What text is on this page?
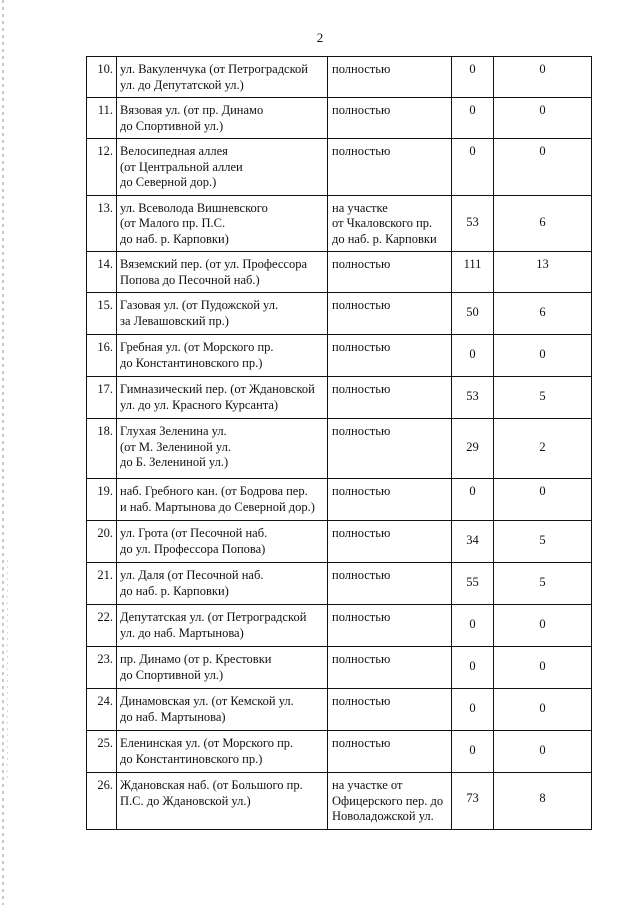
2
10.	ул. Вакуленчука (от Петроградской
ул. до Депутатской ул.)	полностью	0	0
11.	Вязовая ул. (от пр. Динамо
до Спортивной ул.)	полностью	0	0
12.	Велосипедная аллея
(от Центральной аллеи
до Северной дор.)	полностью	0	0
13.	ул. Всеволода Вишневского
(от Малого пр. П.С.
до наб. р. Карповки)	на участке
от Чкаловского пр.
до наб. р. Карповки	53	6
14.	Вяземский пер. (от ул. Профессора
Попова до Песочной наб.)	полностью	111	13
15.	Газовая ул. (от Пудожской ул.
за Левашовский пр.)	полностью	50	6
16.	Гребная ул. (от Морского пр.
до Константиновского пр.)	полностью	0	0
17.	Гимназический пер. (от Ждановской
ул. до ул. Красного Курсанта)	полностью	53	5
18.	Глухая Зеленина ул.
(от М. Зелениной ул.
до Б. Зелениной ул.)	полностью	29	2
19.	наб. Гребного кан. (от Бодрова пер.
и наб. Мартынова до Северной дор.)	полностью	0	0
20.	ул. Грота (от Песочной наб.
до ул. Профессора Попова)	полностью	34	5
21.	ул. Даля (от Песочной наб.
до наб. р. Карповки)	полностью	55	5
22.	Депутатская ул. (от Петроградской
ул. до наб. Мартынова)	полностью	0	0
23.	пр. Динамо (от р. Крестовки
до Спортивной ул.)	полностью	0	0
24.	Динамовская ул. (от Кемской ул.
до наб. Мартынова)	полностью	0	0
25.	Еленинская ул. (от Морского пр.
до Константиновского пр.)	полностью	0	0
26.	Ждановская наб. (от Большого пр.
П.С. до Ждановской ул.)	на участке от
Офицерского пер. до
Новоладожской ул.	73	8
